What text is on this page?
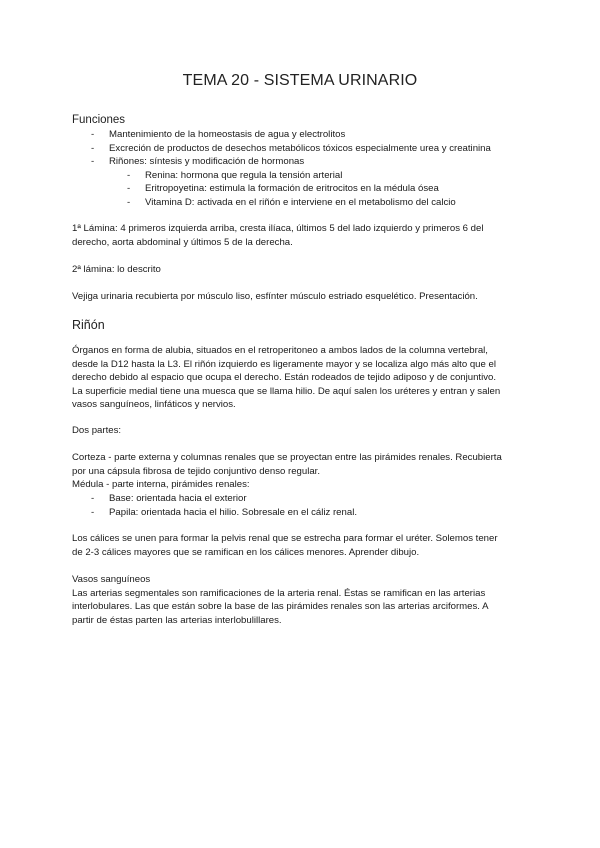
TEMA 20 - SISTEMA URINARIO
Funciones
- Mantenimiento de la homeostasis de agua y electrolitos
- Excreción de productos de desechos metabólicos tóxicos especialmente urea y creatinina
- Riñones: síntesis y modificación de hormonas
- Renina: hormona que regula la tensión arterial
- Eritropoyetina: estimula la formación de eritrocitos en la médula ósea
- Vitamina D: activada en el riñón e interviene en el metabolismo del calcio
1ª Lámina: 4 primeros izquierda arriba, cresta ilíaca, últimos 5 del lado izquierdo y primeros 6 del
derecho, aorta abdominal y últimos 5 de la derecha.
2ª lámina: lo descrito
Vejiga urinaria recubierta por músculo liso, esfínter músculo estriado esquelético. Presentación.
Riñón
Órganos en forma de alubia, situados en el retroperitoneo a ambos lados de la columna vertebral,
desde la D12 hasta la L3. El riñón izquierdo es ligeramente mayor y se localiza algo más alto que el
derecho debido al espacio que ocupa el derecho. Están rodeados de tejido adiposo y de conjuntivo.
La superficie medial tiene una muesca que se llama hilio. De aquí salen los uréteres y entran y salen
vasos sanguíneos, linfáticos y nervios.
Dos partes:
Corteza - parte externa y columnas renales que se proyectan entre las pirámides renales. Recubierta
por una cápsula fibrosa de tejido conjuntivo denso regular.
Médula - parte interna, pirámides renales:
- Base: orientada hacia el exterior
- Papila: orientada hacia el hilio. Sobresale en el cáliz renal.
Los cálices se unen para formar la pelvis renal que se estrecha para formar el uréter. Solemos tener
de 2-3 cálices mayores que se ramifican en los cálices menores. Aprender dibujo.
Vasos sanguíneos
Las arterias segmentales son ramificaciones de la arteria renal. Éstas se ramifican en las arterias
interlobulares. Las que están sobre la base de las pirámides renales son las arterias arciformes. A
partir de éstas parten las arterias interlobulillares.
